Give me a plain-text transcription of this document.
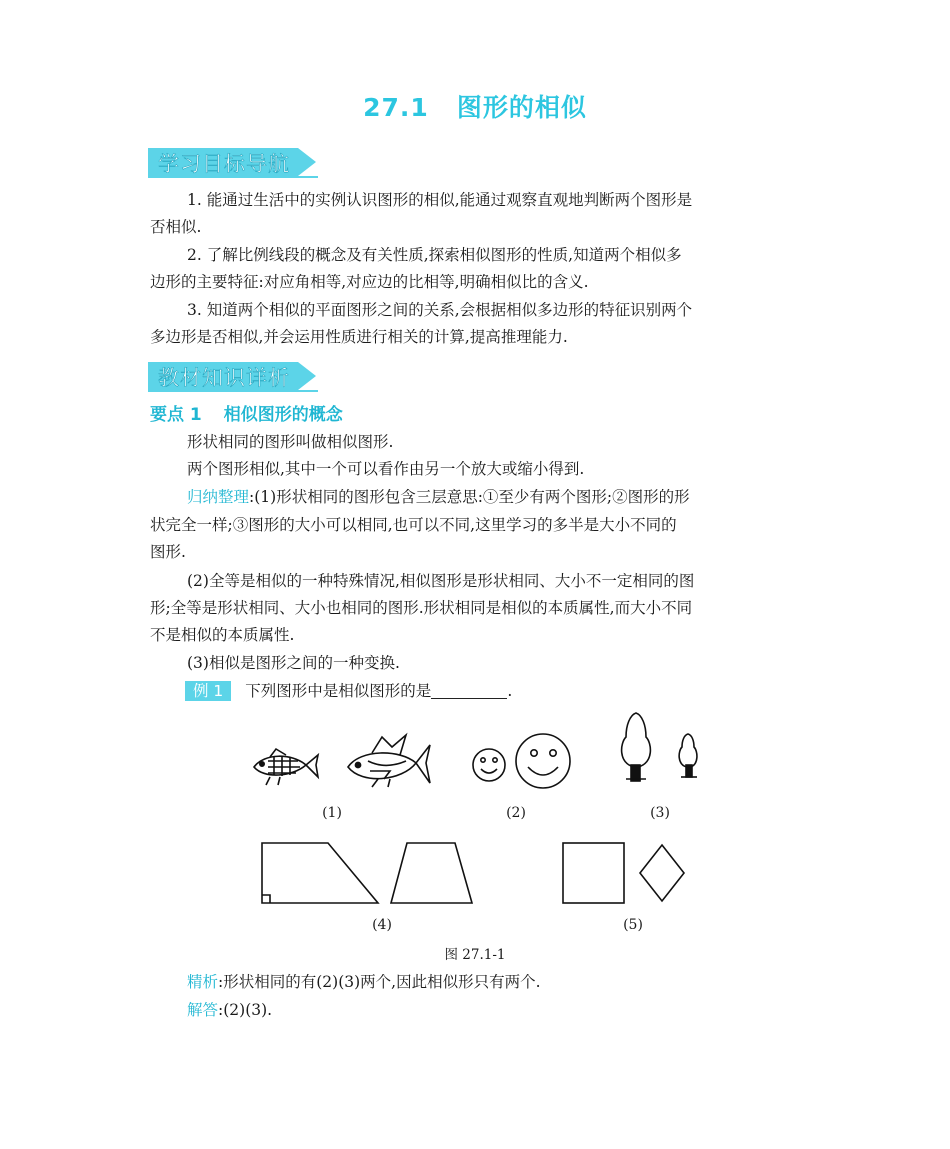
27.1 图形的相似
学习目标导航
1. 能通过生活中的实例认识图形的相似,能通过观察直观地判断两个图形是
否相似.
2. 了解比例线段的概念及有关性质,探索相似图形的性质,知道两个相似多
边形的主要特征:对应角相等,对应边的比相等,明确相似比的含义.
3. 知道两个相似的平面图形之间的关系,会根据相似多边形的特征识别两个
多边形是否相似,并会运用性质进行相关的计算,提高推理能力.
教材知识详析
要点 1 相似图形的概念
形状相同的图形叫做相似图形.
两个图形相似,其中一个可以看作由另一个放大或缩小得到.
归纳整理:(1)形状相同的图形包含三层意思:①至少有两个图形;②图形的形
状完全一样;③图形的大小可以相同,也可以不同,这里学习的多半是大小不同的
图形.
(2)全等是相似的一种特殊情况,相似图形是形状相同、大小不一定相同的图
形;全等是形状相同、大小也相同的图形.形状相同是相似的本质属性,而大小不同
不是相似的本质属性.
(3)相似是图形之间的一种变换.
例 1 下列图形中是相似图形的是	.
(1)	(2)	(3)
(4)	(5)
图 27.1-1
精析:形状相同的有(2)(3)两个,因此相似形只有两个.
解答:(2)(3).
